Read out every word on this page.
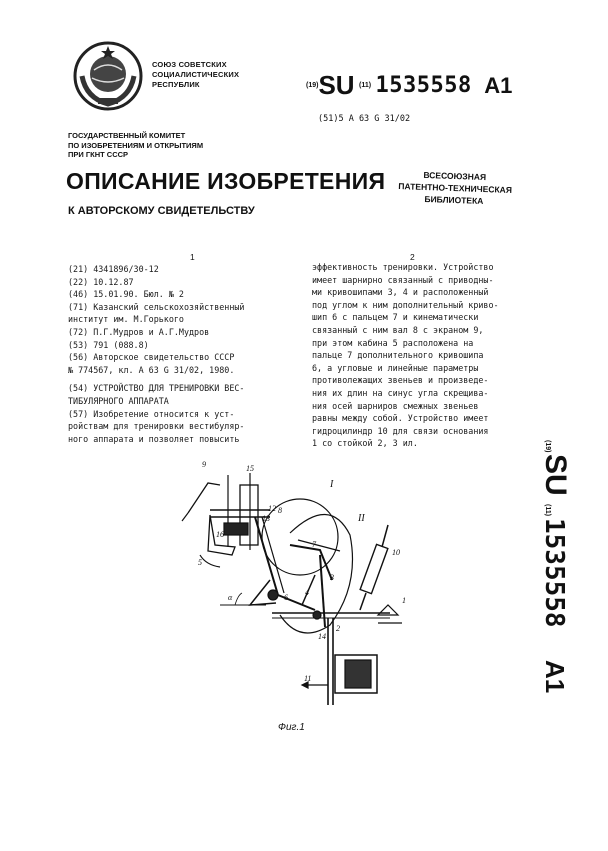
СОЮЗ СОВЕТСКИХ
СОЦИАЛИСТИЧЕСКИХ
РЕСПУБЛИК	(19)SU (11) 1535558 A1
(51)5 А 63 G 31/02
ГОСУДАРСТВЕННЫЙ КОМИТЕТ
ПО ИЗОБРЕТЕНИЯМ И ОТКРЫТИЯМ
ПРИ ГКНТ СССР
ОПИСАНИЕ ИЗОБРЕТЕНИЯ
К АВТОРСКОМУ СВИДЕТЕЛЬСТВУ
ВСЕСОЮЗНАЯ
ПАТЕНТНО-ТЕХНИЧЕСКАЯ
БИБЛИОТЕКА
1	2
(21) 4341896/30-12
(22) 10.12.87
(46) 15.01.90. Бюл. № 2
(71) Казанский сельскохозяйственный
институт им. М.Горького
(72) П.Г.Мудров и А.Г.Мудров
(53) 791 (088.8)
(56) Авторское свидетельство СССР
№ 774567, кл. А 63 G 31/02, 1980.
(54) УСТРОЙСТВО ДЛЯ ТРЕНИРОВКИ ВЕС-
ТИБУЛЯРНОГО АППАРАТА
(57) Изобретение относится к уст-
ройствам для тренировки вестибуляр-
ного аппарата и позволяет повысить
эффективность тренировки. Устройство
имеет шарнирно связанный с приводны-
ми кривошипами 3, 4 и расположенный
под углом к ним дополнительный криво-
шип 6 с пальцем 7 и кинематически
связанный с ним вал 8 с экраном 9,
при этом кабина 5 расположена на
пальце 7 дополнительного кривошипа
6, а угловые и линейные параметры
противолежащих звеньев и произведе-
ния их длин на синус угла скрещива-
ния осей шарниров смежных звеньев
равны между собой. Устройство имеет
гидроцилиндр 10 для связи основания
1 со стойкой 2, 3 ил.	(19)
SU
(11)
1535558
A1
9	15
12
16
13
5
8
I
II
7
3
4
6
10
2
1
14
11
α
Фиг.1
